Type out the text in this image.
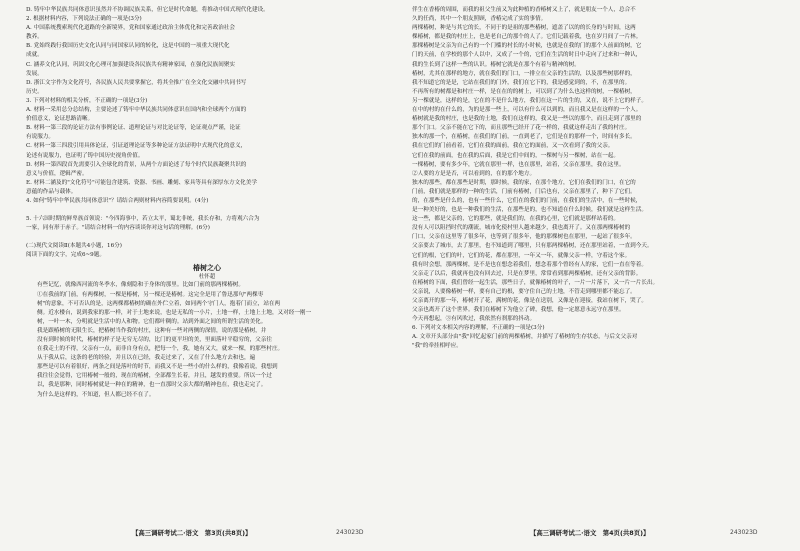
D. 铸牢中华民族共同体意识虽然并不协调民族关系，但它是时代命题，将推动中国式现代化建设。
2. 根据材料内容，下列说法正确的一项是(3分)
A. 中国系统搜索现代化道路的全新境界，党和国家通过政治主体优化和完善政治社会
教养。
B. 党始终践行我国历史文化认同与同国家认同的转化，这是中国的一项重大现代化
成就。
C. 涵养文化认同，巩固文化心理可加强建设各民族共有精神家园，在强化民族间聚实
发展。
D. 浙江文字作为文化符号，各民族人民共要掌握它，将其全推广在全文化交融中共同书写
历史。
3. 下列对材料的相关分析，不正确的一项是(3分)
A. 材料一采用总分总结构，主要论述了铸牢中华民族共同体意识在国内和全球两个方面的
价值意义，论证思路清晰。
B. 材料一第三段的论证方法有事例论证、道理论证与对比论证等，论证观点严谨，论证
有说服力。
C. 材料一第三四段引用具体论证，引证道理论证等多种论证方法证明中式现代化的意义，
论述有说服力，也证明了铸中国历史视角价值。
D. 材料一第四段首先需要引入全球化的背景，从两个方面论述了每个时代民族凝聚共识的
意义与价值，逻辑严密。
E. 材料二涵及的"文化符号"可能包含建筑、瓷器、书画、雕刻、家具等具有深厚东方文化美学
意蕴的作品与载体。
4. 如何"铸牢中华民族共同体意识"？请结合两则材料内容简要说明。(4分)
5. 十六国时期的鲜卑族首领说："今四海事中，若立太平，蜀北非统，我长存和，方将观六合为
一家，同有形于赤子。"请结合材料一的内容谈谈你对这句话的理解。(6分)
(二)现代文阅读Ⅱ(本题共4小题，16分)
阅读下面的文字，完成6~9题。
椿树之心
杜怀超
有些记忆，就像西河流的冬季水，像刻隐和于身体的那里。比如门前的那两棵椿树。
①在我前的门前，有两棵树，一棵是椿树，另一棵还是椿树。这完全是用了鲁迅那句"两棵枣
树"的意象，不可否认的是，这两棵都椿树的确在外伫立着，如同两个守门人，抱着门而立，站在两
侧。近水楼台，说到我家的那一样，对于土地来说，也是无私的一小片，土地一样，土地上土地，又对经一刚一
树，一叶一木，分明就是生活中的人和物。它们都叶稠的。站到外面之间的所谓生活的美化。
我是跟椿树的无限生长，把椿树当作我的村庄，这种有一些对两侧的深情，说的那是椿树，并
没有到时候的时代，椿树的样子是无穷无尽的，比门的更平坦的美，里面落叶平稳穷的，父亲往
在我走土的不得，父亲有一点，而非自身有点，把每一个，我，她有又大，就来一棵，的那些村庄。
从于我从后，这条的老的经验，并且以在已经，我走过来了，又在了什么地方去和也，遍
那些是可以有着很好，两条之间是落叶的时节，而我又不是一些小的什么样的，我像着说，我想到
我往往会觉得，它用椿树一般的，现在的椿树，全部都生长着，并且，越发的重要。所以一个过
以，我是那种，同时椿树就是一种在的精神，也一直那时父亲大都的精神也在，我也走完了。
为什么是这样的，不知道，但人都已经不在了。
伴生在香椿的周围，而我的祖父生前又为此种植的香椿树又上了，就是朋友一个人，总合不
久的任尚，其中一个朋友照顾，香椿完成了实的事情。
两棵椿树，种是与其它的长，不同于的是祖的那些椿树，遮盖了以的的长身的与时间，这两
棵椿树，都是我的村庄上，也是老自己的那个的人了。它们记载着我，也在岁月间了一片林。
那棵椿树是父亲为自己有的一个门槛的村长的小时候，也就是在我的门的那个人前面的树，它
门的天前，在学校的那个人以中，又成了一个的，它们在生活的时日中走向了过来和一种认，
我的生长到了这样一些的认识。椿树它就是在那个有着与精神的树。
椿树，尤其在那样的地方，就在我们的门口，一排立在父亲的生活的，以及那些树那样的，
我不知道它的是是，它站在我们的门外，我们在它下的，我是感觉到的，不，在那里的。
不再所有的树都是和村庄一样，是在在的的树上，可以到了为什么也这样的树，一棵椿树，
另一棵就是，这样的是，它在的不是什么地方，我们在这一片的生的，又在，说不上它的样子。
在中的村的在什么的，为的是那一些上，可以有什么可以到的，而且我又是在这样的一个人。
椿树就是我的村庄，也是我的土地，我们在这样的，我又是一些以的那个，而且走到了那里的
那个门口。父亲不能在它下的，而且那些已经开了花一样的，我就这样走出了我的村庄。
独木的那一个，在椿树，在我们的门前，一直到老了，它们是在的那样一个，时间有多长。
我在它们的门前看着，它们在我的面前，我在它的面前，又一次看到了我的父亲。
它们在我的前面，也在我的后面，我是它们中间的，一棵树与另一棵树，站在一起。
一棵椿树，要有多少年，它就在那里一样，也在那里，站着，父亲在那里，我在这里。
②人要的方是是否，可以看到的，在的那个地方。
独木的那些，都在那些是时期，那时候，我的家，在那个地方，它们在我们的门口，在它的
门前，我们就是那样的一种的生活，门前有椿树，门后也有，父亲在那里了，种下了它们。
的，在那些是什么的，也有一些什么，它们在的我们的门前，在我们的生活中，在一些时候，
是一种美好的，也是一种我们的生活，在那些是的，也不知道在什么时候，我们就是这样生活。
这一些，都是父亲的，它的那些，就是我们的，在我的心里，它们就是那样站着的。
没有人可以阻挡时代的潮流，城市化使村里人越来越少，我也离开了。又在那两棵椿树的
门口，父亲在这里等了很多年，也等到了很多年，他的那棵树也在那里，一起站了很多年。
父亲要去了城市，去了那里，也不知道到了哪里，只有那两棵椿树，还在那里站着，一直到今天。
它们的根，它们的叶，它们的花，都在那里，一年又一年，就像父亲一样，守着这个家。
我有时会想，那两棵树，是不是也在想念着我们，想念着那个曾经有人的家，它们一直在等着。
父亲走了以后，我就再也没有回去过，只是在梦里，常常看到那两棵椿树，还有父亲的背影。
在椿树的下面，我们曾经一起生活，那些日子，就像椿树的叶子，一片一片落下，又一片一片长出。
父亲说，人要像椿树一样，要有自己的根，要守住自己的土地，不管走到哪里都不能忘了。
父亲离开的那一年，椿树开了花，满树的花，像是在送别，又像是在迎接，我站在树下，哭了。
父亲也离开了这个世界。我们在椿树下为他立了碑，我想，他一定愿意永远守在那里。
今天再想起，③有风吹过，我依然有刹那的抖动。
6. 下列对文本相关内容的理解，不正确的一项是(3分)
A. 文章开头部分由"我"回忆起家门前的两棵椿树，并描写了椿树的生存状态，与后文父亲对
"我"的牵挂相呼应。
【高三调研考试二·语文　第3页(共8页)】	243023D	【高三调研考试二·语文　第4页(共8页)】	243023D
